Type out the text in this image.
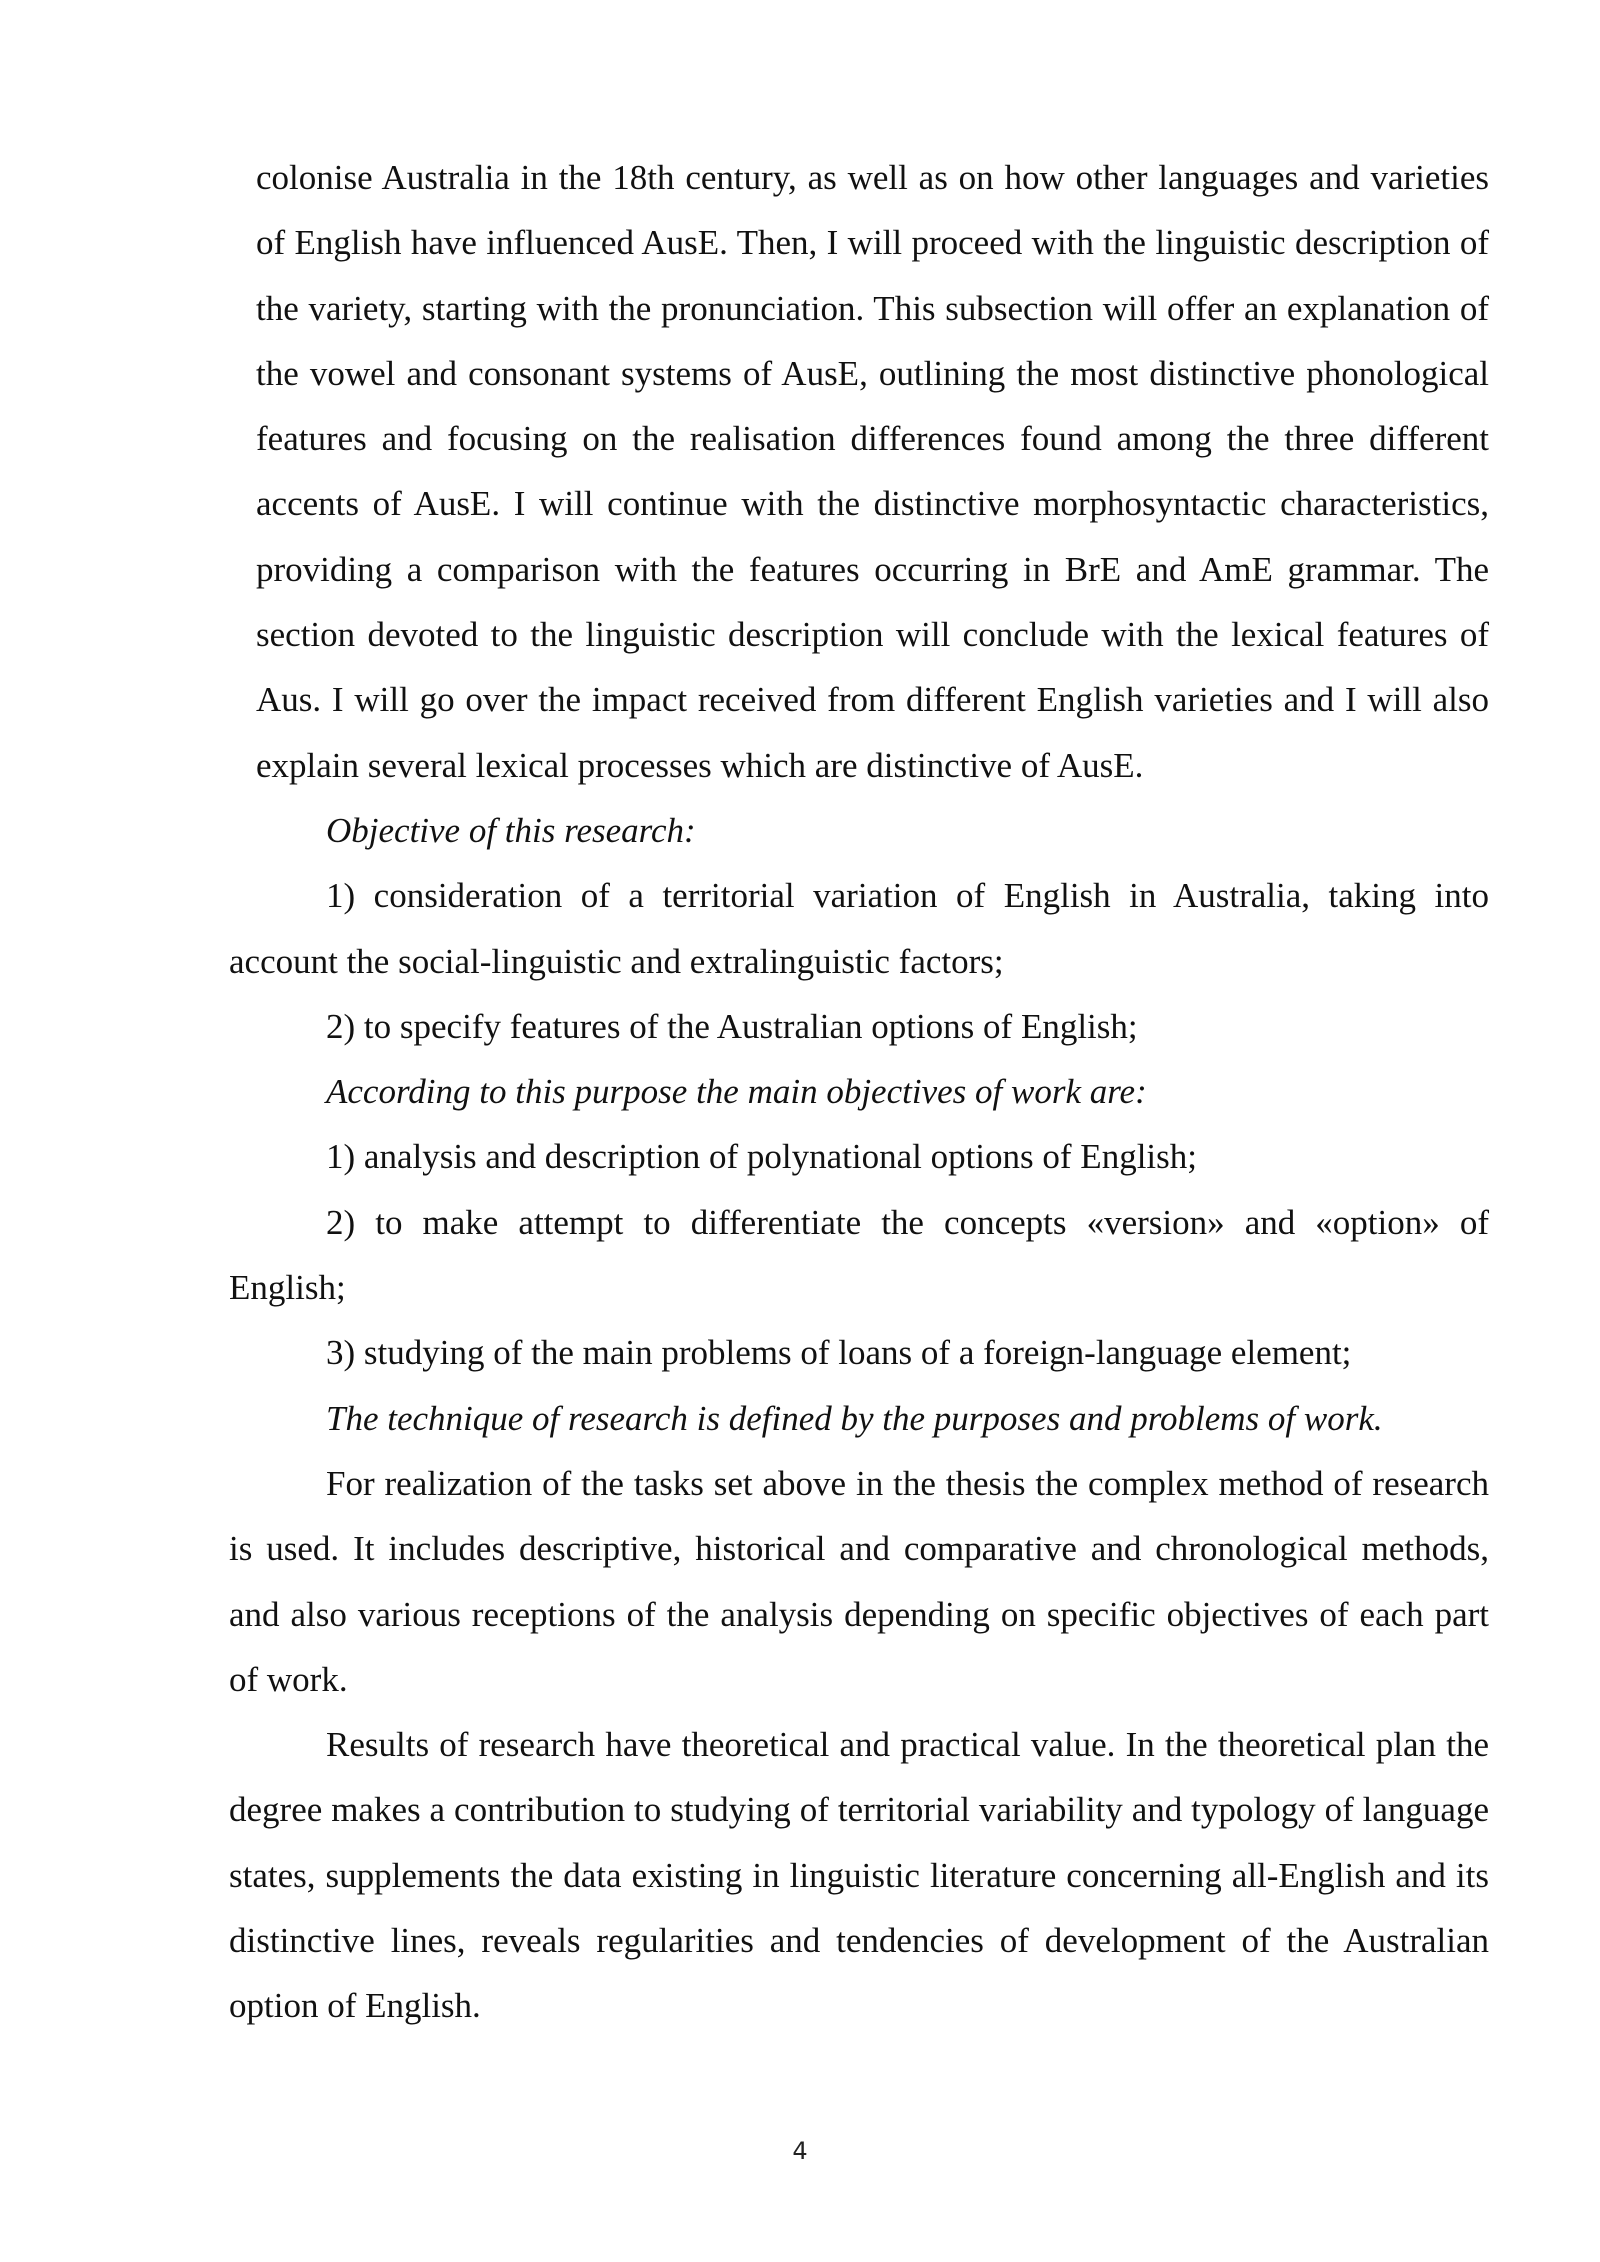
colonise Australia in the 18th century, as well as on how other languages and varieties of English have influenced AusE. Then, I will proceed with the linguistic description of the variety, starting with the pronunciation. This subsection will offer an explanation of the vowel and consonant systems of AusE, outlining the most distinctive phonological features and focusing on the realisation differences found among the three different accents of AusE. I will continue with the distinctive morphosyntactic characteristics, providing a comparison with the features occurring in BrE and AmE grammar. The section devoted to the linguistic description will conclude with the lexical features of Aus. I will go over the impact received from different English varieties and I will also explain several lexical processes which are distinctive of AusE.

Objective of this research:

1) consideration of a territorial variation of English in Australia, taking into account the social-linguistic and extralinguistic factors;

2) to specify features of the Australian options of English;

According to this purpose the main objectives of work are:

1) analysis and description of polynational options of English;

2) to make attempt to differentiate the concepts «version» and «option» of English;

3) studying of the main problems of loans of a foreign-language element;

The technique of research is defined by the purposes and problems of work.

For realization of the tasks set above in the thesis the complex method of research is used. It includes descriptive, historical and comparative and chronological methods, and also various receptions of the analysis depending on specific objectives of each part of work.

Results of research have theoretical and practical value. In the theoretical plan the degree makes a contribution to studying of territorial variability and typology of language states, supplements the data existing in linguistic literature concerning all-English and its distinctive lines, reveals regularities and tendencies of development of the Australian option of English.

4
